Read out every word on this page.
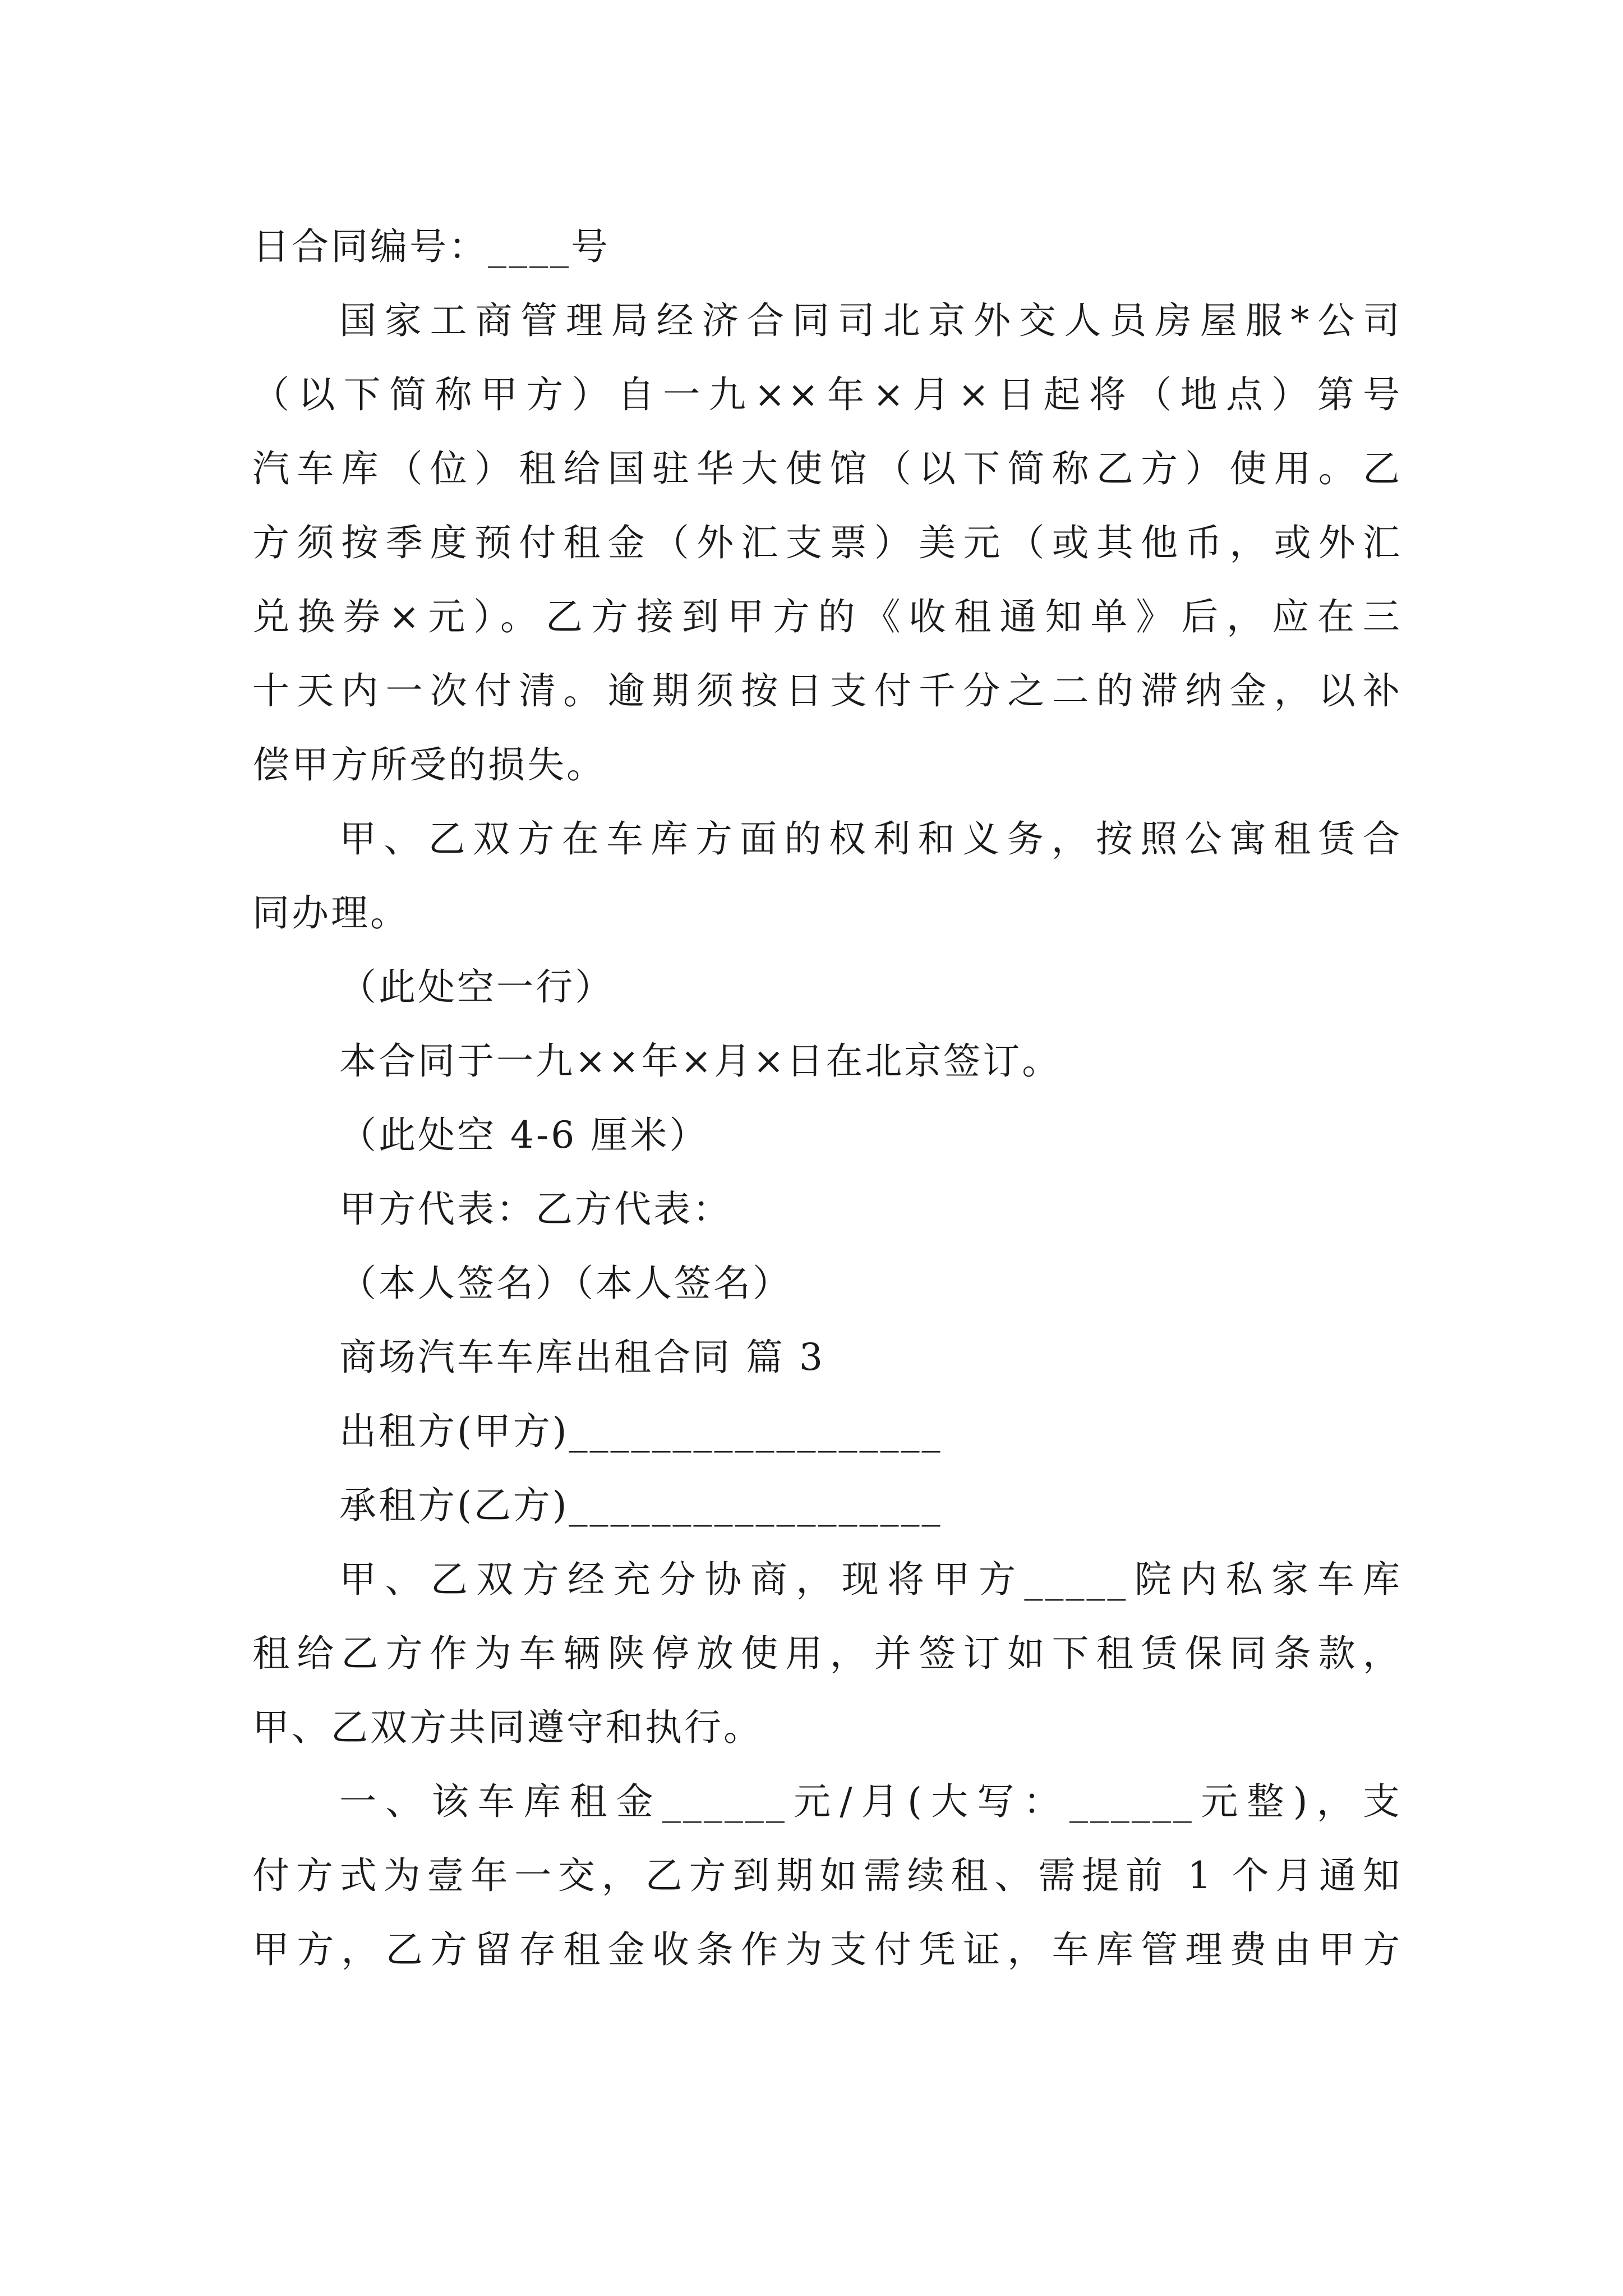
日合同编号：____号
国家工商管理局经济合同司北京外交人员房屋服*公司
（以下简称甲方）自一九××年×月×日起将（地点）第号
汽车库（位）租给国驻华大使馆（以下简称乙方）使用。乙
方须按季度预付租金（外汇支票）美元（或其他币，或外汇
兑换券×元）。乙方接到甲方的《收租通知单》后，应在三
十天内一次付清。逾期须按日支付千分之二的滞纳金，以补
偿甲方所受的损失。
甲、乙双方在车库方面的权利和义务，按照公寓租赁合
同办理。
（此处空一行）
本合同于一九××年×月×日在北京签订。
（此处空 4-6 厘米）
甲方代表：乙方代表：
（本人签名）（本人签名）
商场汽车车库出租合同 篇 3
出租方(甲方)__________________
承租方(乙方)__________________
甲、乙双方经充分协商，现将甲方_____院内私家车库
租给乙方作为车辆陕停放使用，并签订如下租赁保同条款，
甲、乙双方共同遵守和执行。
一、该车库租金______元/月(大写：______元整)，支
付方式为壹年一交，乙方到期如需续租、需提前 1 个月通知
甲方，乙方留存租金收条作为支付凭证，车库管理费由甲方
